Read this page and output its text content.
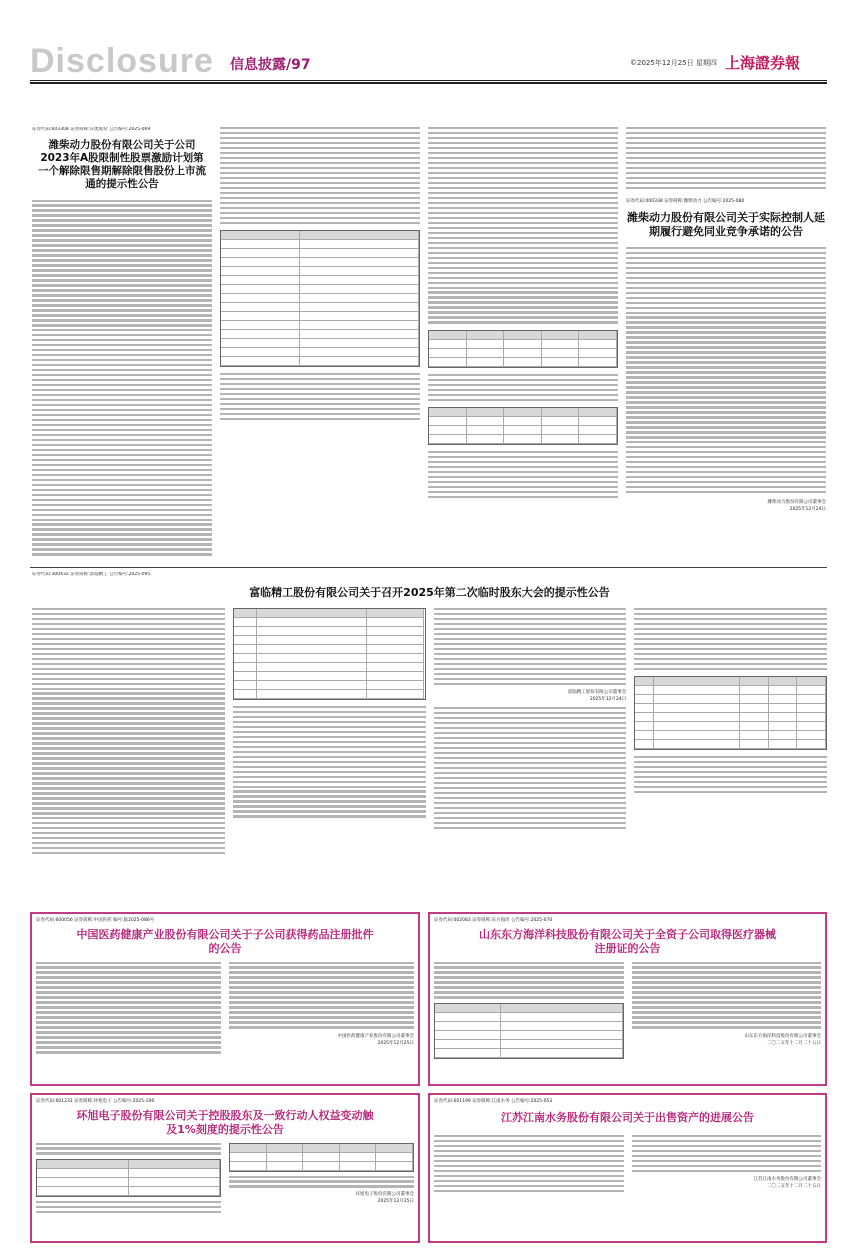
Disclosure 信息披露/97	©2025年12月25日 星期四 上海證券報
证券代码:603308 证券简称:应流股份 公告编号:2025-069
潍柴动力股份有限公司关于公司2023年A股限制性股票激励计划第一个解除限售期解除限售股份上市流通的提示性公告
证券代码:000338 证券简称:潍柴动力 公告编号:2025-080
潍柴动力股份有限公司关于实际控制人延期履行避免同业竞争承诺的公告
潍柴动力股份有限公司董事会
2025年12月24日
证券代码:300432 证券简称:富临精工 公告编号:2025-095
富临精工股份有限公司关于召开2025年第二次临时股东大会的提示性公告
富临精工股份有限公司董事会
2025年12月24日
证券代码:600056 证券简称:中国医药 编号:临2025-086号
中国医药健康产业股份有限公司关于子公司获得药品注册批件的公告
中国医药健康产业股份有限公司董事会
2025年12月25日
证券代码:002083 证券简称:东方海洋 公告编号:2025-070
山东东方海洋科技股份有限公司关于全资子公司取得医疗器械注册证的公告
山东东方海洋科技股份有限公司董事会
二〇二五年十二月二十五日
证券代码:601231 证券简称:环旭电子 公告编号:2025-106
环旭电子股份有限公司关于控股股东及一致行动人权益变动触及1%刻度的提示性公告
环旭电子股份有限公司董事会
2025年12月25日
证券代码:601199 证券简称:江南水务 公告编号:2025-053
江苏江南水务股份有限公司关于出售资产的进展公告
江苏江南水务股份有限公司董事会
二〇二五年十二月二十五日
